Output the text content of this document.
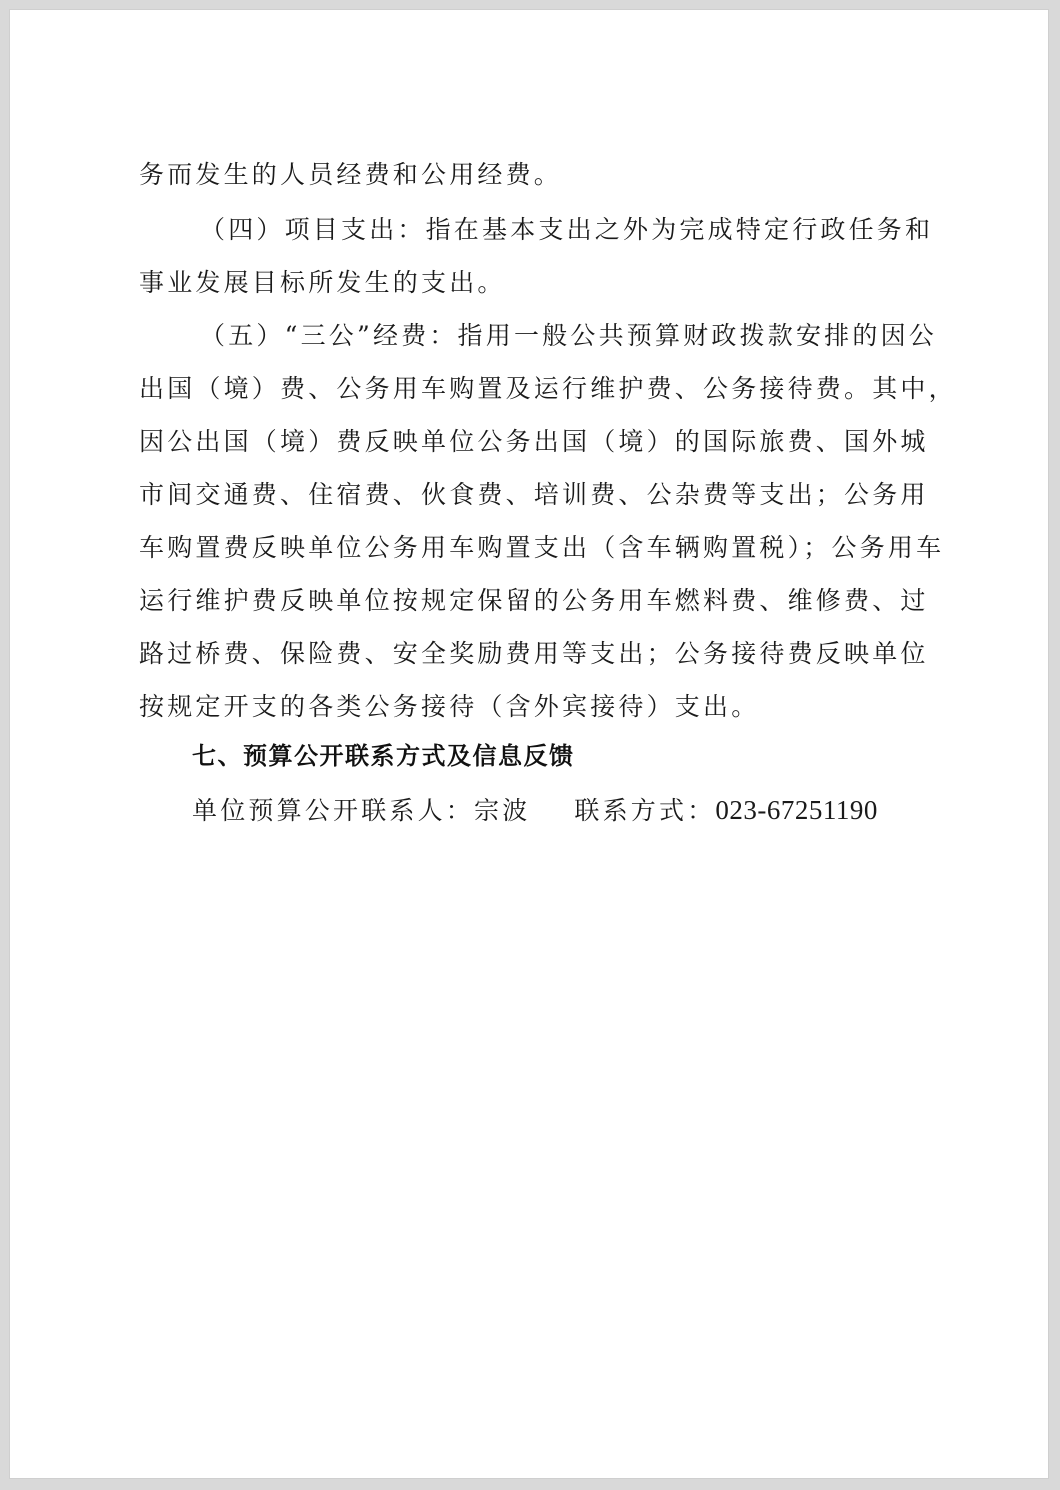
务而发生的人员经费和公用经费。
（四）项目支出：指在基本支出之外为完成特定行政任务和
事业发展目标所发生的支出。
（五）“三公”经费：指用一般公共预算财政拨款安排的因公
出国（境）费、公务用车购置及运行维护费、公务接待费。其中，
因公出国（境）费反映单位公务出国（境）的国际旅费、国外城
市间交通费、住宿费、伙食费、培训费、公杂费等支出；公务用
车购置费反映单位公务用车购置支出（含车辆购置税）；公务用车
运行维护费反映单位按规定保留的公务用车燃料费、维修费、过
路过桥费、保险费、安全奖励费用等支出；公务接待费反映单位
按规定开支的各类公务接待（含外宾接待）支出。
七、预算公开联系方式及信息反馈
单位预算公开联系人：宗波 联系方式：023-67251190
